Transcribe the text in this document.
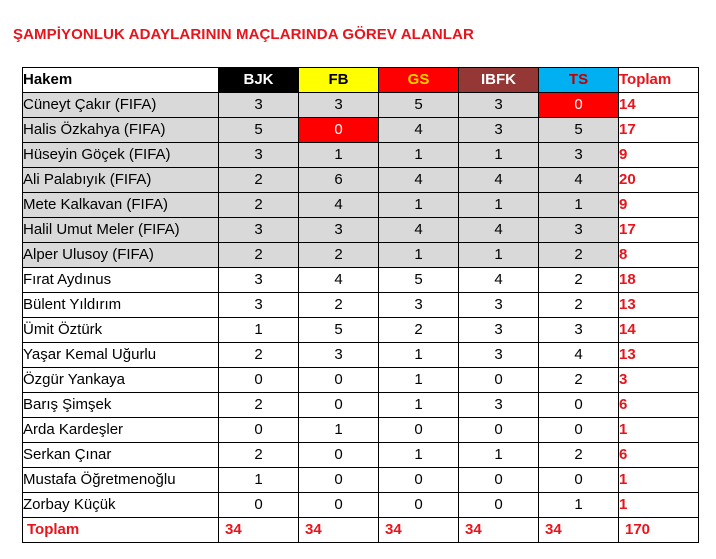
ŞAMPİYONLUK ADAYLARININ MAÇLARINDA GÖREV ALANLAR
Hakem	BJK	FB	GS	IBFK	TS	Toplam
Cüneyt Çakır (FIFA)	3	3	5	3	0	14
Halis Özkahya (FIFA)	5	0	4	3	5	17
Hüseyin Göçek (FIFA)	3	1	1	1	3	9
Ali Palabıyık (FIFA)	2	6	4	4	4	20
Mete Kalkavan (FIFA)	2	4	1	1	1	9
Halil Umut Meler (FIFA)	3	3	4	4	3	17
Alper Ulusoy (FIFA)	2	2	1	1	2	8
Fırat Aydınus	3	4	5	4	2	18
Bülent Yıldırım	3	2	3	3	2	13
Ümit Öztürk	1	5	2	3	3	14
Yaşar Kemal Uğurlu	2	3	1	3	4	13
Özgür Yankaya	0	0	1	0	2	3
Barış Şimşek	2	0	1	3	0	6
Arda Kardeşler	0	1	0	0	0	1
Serkan Çınar	2	0	1	1	2	6
Mustafa Öğretmenoğlu	1	0	0	0	0	1
Zorbay Küçük	0	0	0	0	1	1
Toplam	34	34	34	34	34	170
